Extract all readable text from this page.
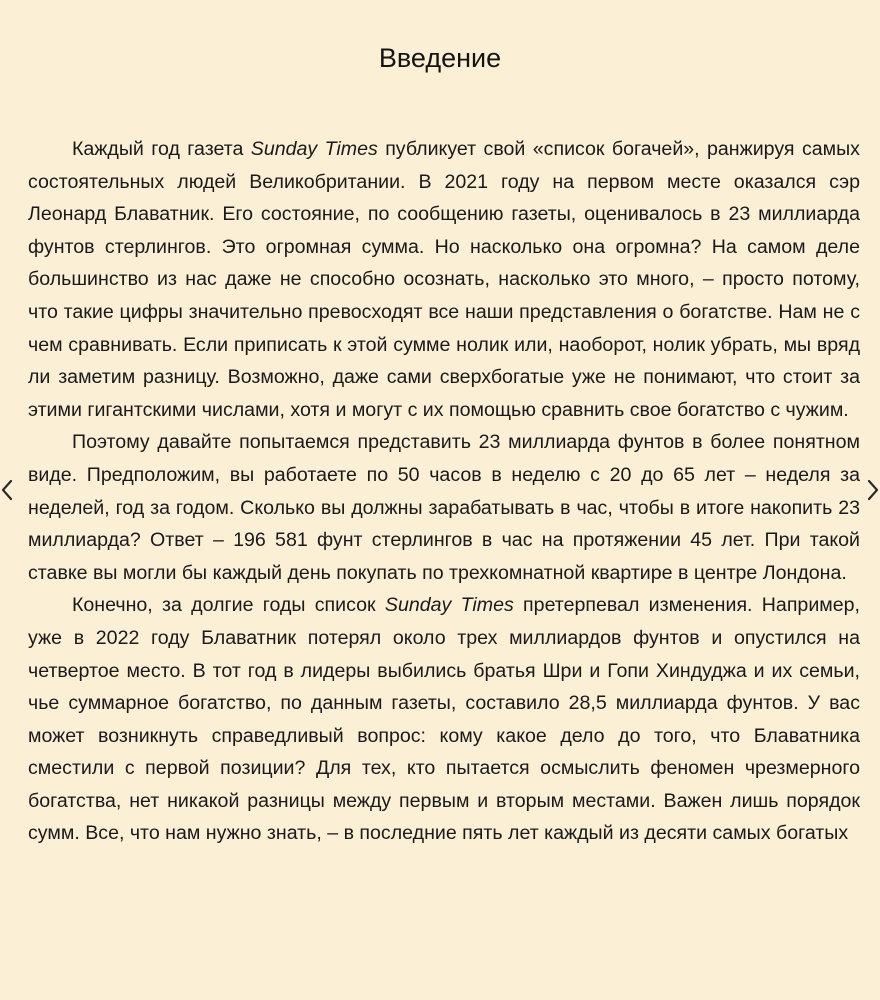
Введение

Каждый год газета Sunday Times публикует свой «список богачей», ранжируя самых состоятельных людей Великобритании. В 2021 году на первом месте оказался сэр Леонард Блаватник. Его состояние, по сообщению газеты, оценивалось в 23 миллиарда фунтов стерлингов. Это огромная сумма. Но насколько она огромна? На самом деле большинство из нас даже не способно осознать, насколько это много, – просто потому, что такие цифры значительно превосходят все наши представления о богатстве. Нам не с чем сравнивать. Если приписать к этой сумме нолик или, наоборот, нолик убрать, мы вряд ли заметим разницу. Возможно, даже сами сверхбогатые уже не понимают, что стоит за этими гигантскими числами, хотя и могут с их помощью сравнить свое богатство с чужим.

Поэтому давайте попытаемся представить 23 миллиарда фунтов в более понятном виде. Предположим, вы работаете по 50 часов в неделю с 20 до 65 лет – неделя за неделей, год за годом. Сколько вы должны зарабатывать в час, чтобы в итоге накопить 23 миллиарда? Ответ – 196 581 фунт стерлингов в час на протяжении 45 лет. При такой ставке вы могли бы каждый день покупать по трехкомнатной квартире в центре Лондона.

Конечно, за долгие годы список Sunday Times претерпевал изменения. Например, уже в 2022 году Блаватник потерял около трех миллиардов фунтов и опустился на четвертое место. В тот год в лидеры выбились братья Шри и Гопи Хиндуджа и их семьи, чье суммарное богатство, по данным газеты, составило 28,5 миллиарда фунтов. У вас может возникнуть справедливый вопрос: кому какое дело до того, что Блаватника сместили с первой позиции? Для тех, кто пытается осмыслить феномен чрезмерного богатства, нет никакой разницы между первым и вторым местами. Важен лишь порядок сумм. Все, что нам нужно знать, – в последние пять лет каждый из десяти самых богатых
